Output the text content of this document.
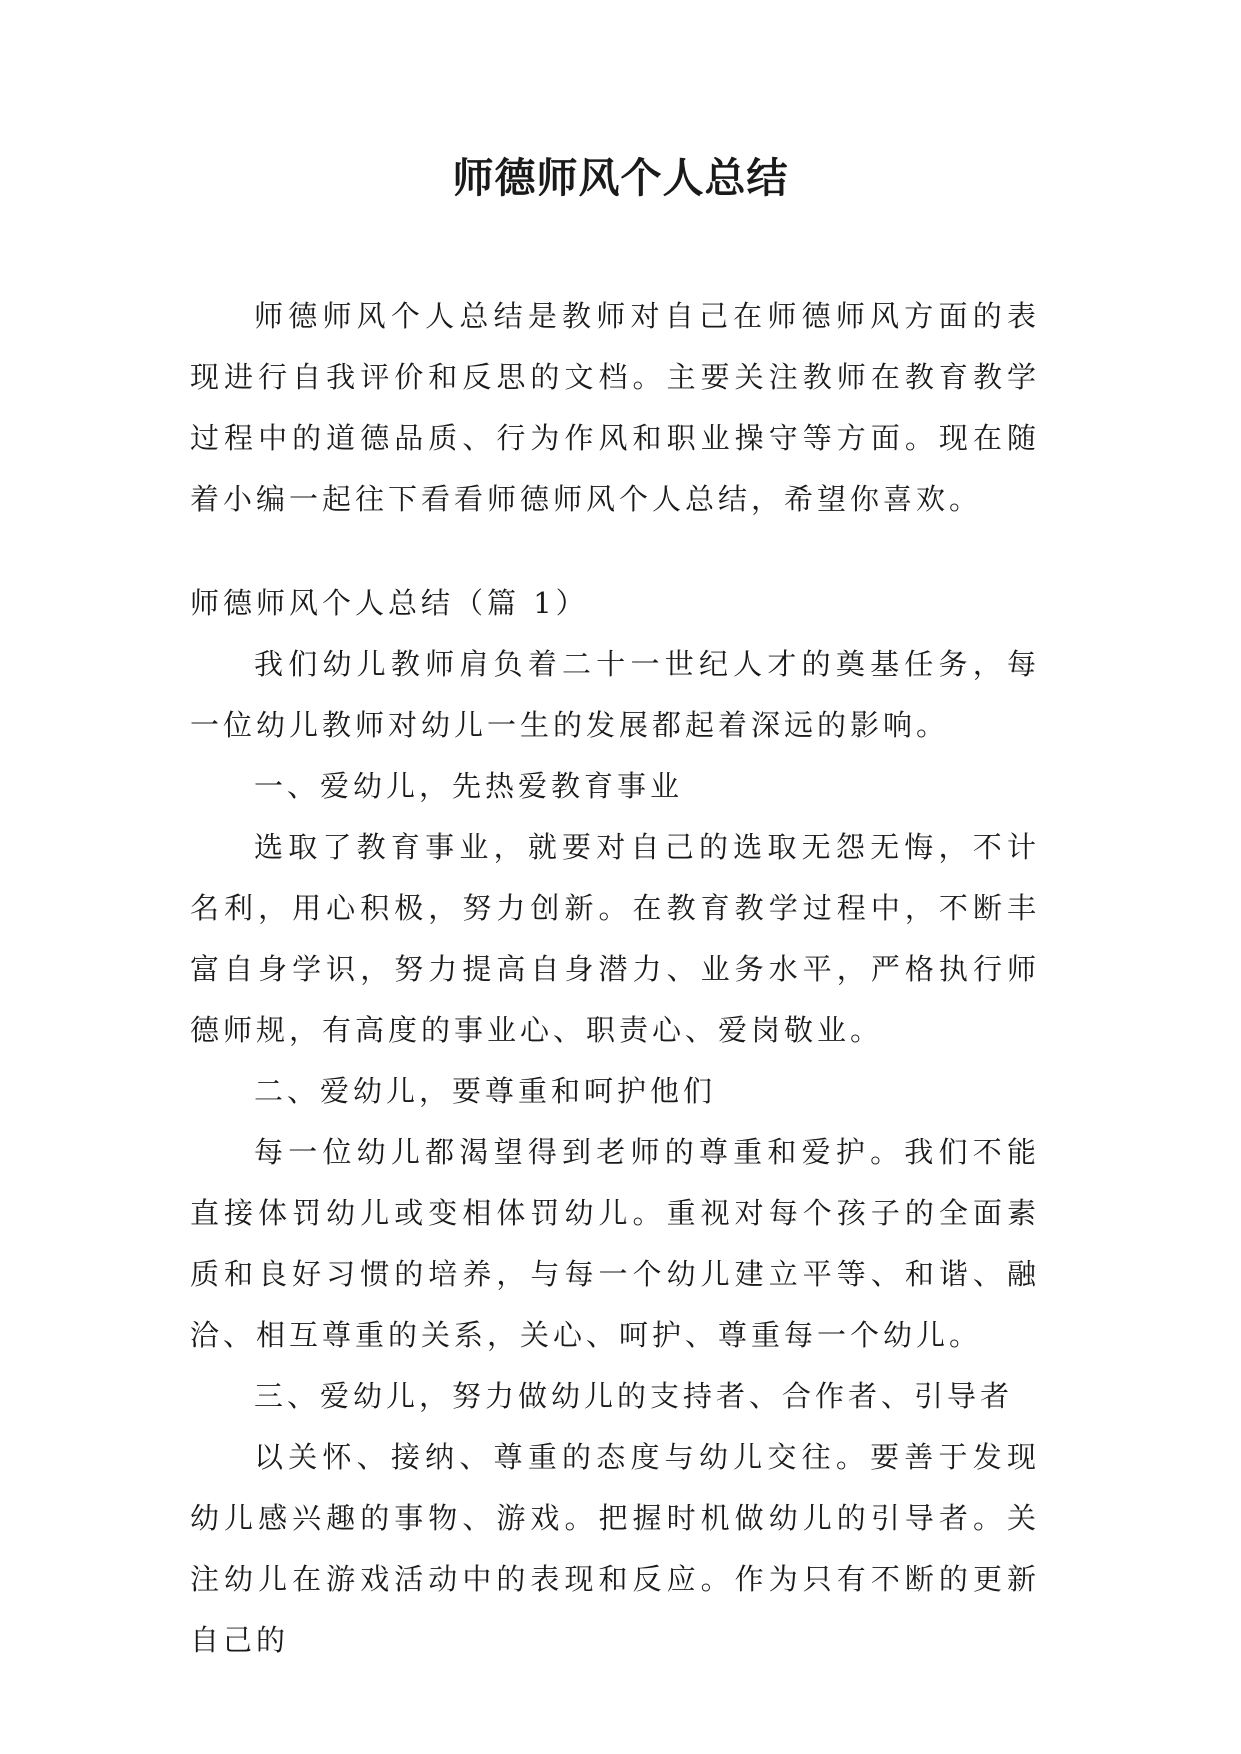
师德师风个人总结

师德师风个人总结是教师对自己在师德师风方面的表现进行自我评价和反思的文档。主要关注教师在教育教学过程中的道德品质、行为作风和职业操守等方面。现在随着小编一起往下看看师德师风个人总结，希望你喜欢。

师德师风个人总结（篇 1）

我们幼儿教师肩负着二十一世纪人才的奠基任务，每一位幼儿教师对幼儿一生的发展都起着深远的影响。

一、爱幼儿，先热爱教育事业

选取了教育事业，就要对自己的选取无怨无悔，不计名利，用心积极，努力创新。在教育教学过程中，不断丰富自身学识，努力提高自身潜力、业务水平，严格执行师德师规，有高度的事业心、职责心、爱岗敬业。

二、爱幼儿，要尊重和呵护他们

每一位幼儿都渴望得到老师的尊重和爱护。我们不能直接体罚幼儿或变相体罚幼儿。重视对每个孩子的全面素质和良好习惯的培养，与每一个幼儿建立平等、和谐、融洽、相互尊重的关系，关心、呵护、尊重每一个幼儿。

三、爱幼儿，努力做幼儿的支持者、合作者、引导者

以关怀、接纳、尊重的态度与幼儿交往。要善于发现幼儿感兴趣的事物、游戏。把握时机做幼儿的引导者。关注幼儿在游戏活动中的表现和反应。作为只有不断的更新自己的
